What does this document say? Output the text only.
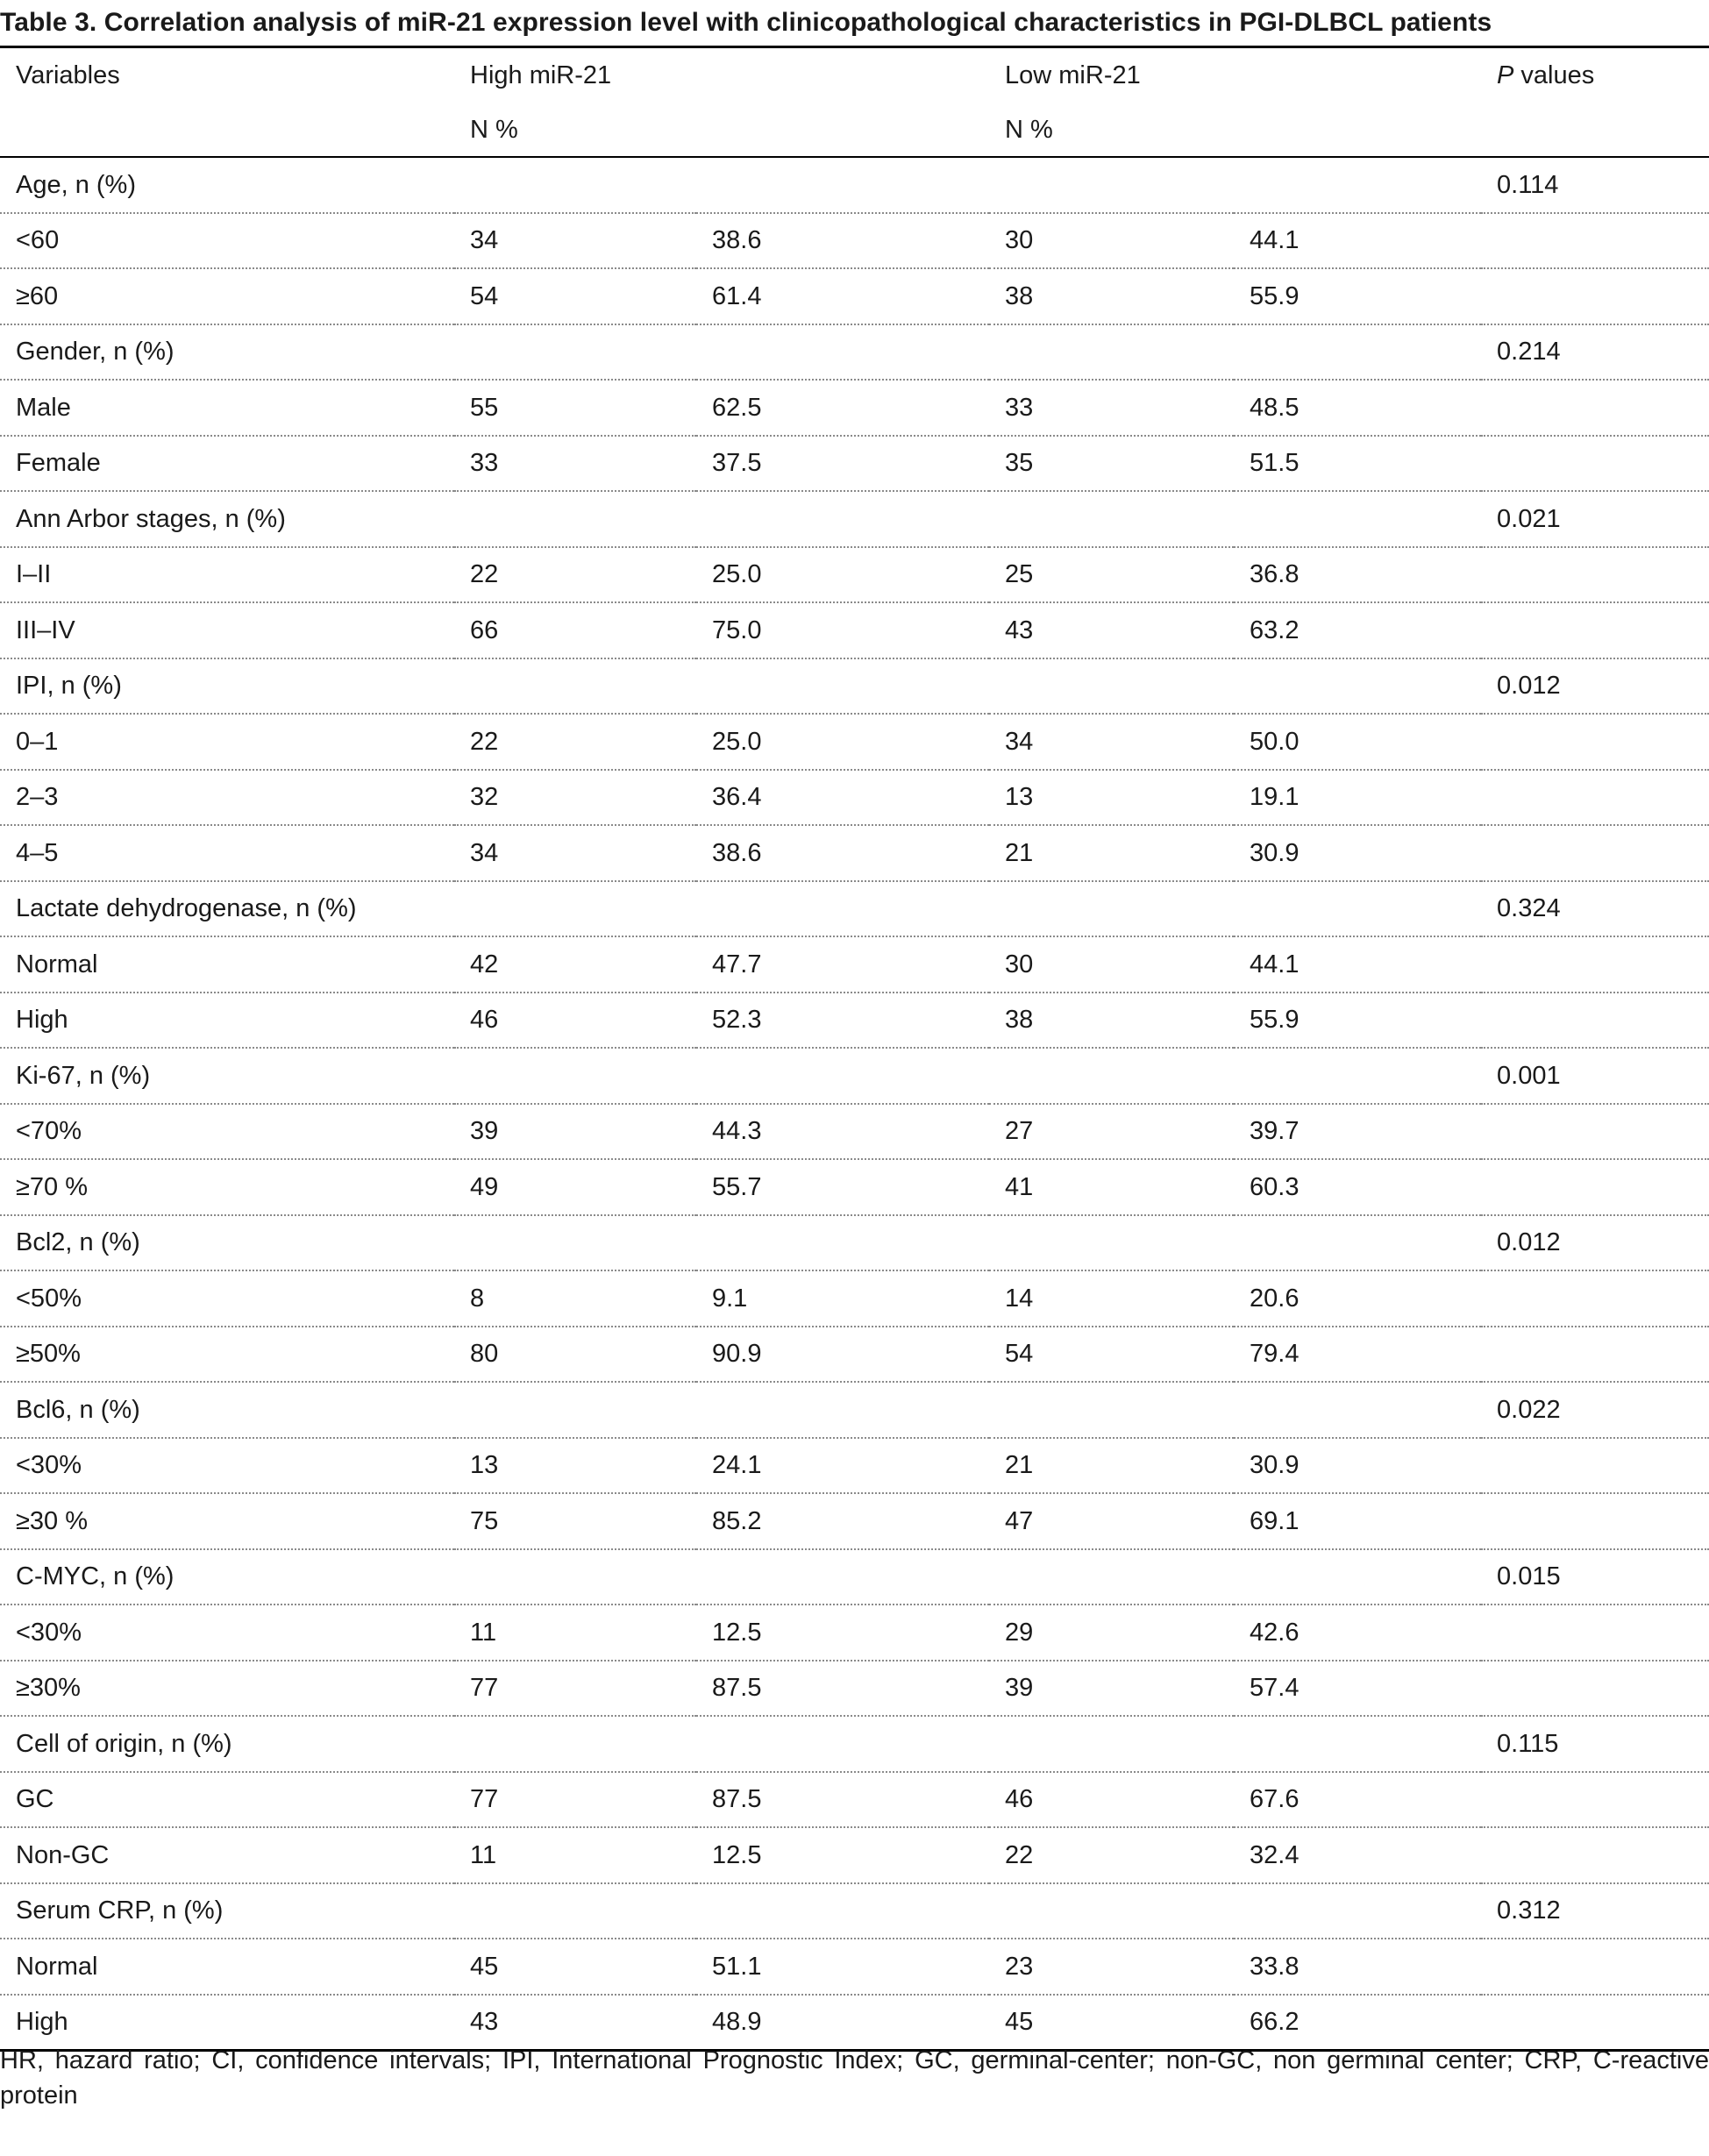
Table 3. Correlation analysis of miR-21 expression level with clinicopathological characteristics in PGI-DLBCL patients
Variables	High miR-21		Low miR-21		P values
	N %		N %		
Age, n (%)					0.114
<60	34	38.6	30	44.1	
≥60	54	61.4	38	55.9	
Gender, n (%)					0.214
Male	55	62.5	33	48.5	
Female	33	37.5	35	51.5	
Ann Arbor stages, n (%)					0.021
I–II	22	25.0	25	36.8	
III–IV	66	75.0	43	63.2	
IPI, n (%)					0.012
0–1	22	25.0	34	50.0	
2–3	32	36.4	13	19.1	
4–5	34	38.6	21	30.9	
Lactate dehydrogenase, n (%)					0.324
Normal	42	47.7	30	44.1	
High	46	52.3	38	55.9	
Ki-67, n (%)					0.001
<70%	39	44.3	27	39.7	
≥70 %	49	55.7	41	60.3	
Bcl2, n (%)					0.012
<50%	8	9.1	14	20.6	
≥50%	80	90.9	54	79.4	
Bcl6, n (%)					0.022
<30%	13	24.1	21	30.9	
≥30 %	75	85.2	47	69.1	
C-MYC, n (%)					0.015
<30%	11	12.5	29	42.6	
≥30%	77	87.5	39	57.4	
Cell of origin, n (%)					0.115
GC	77	87.5	46	67.6	
Non-GC	11	12.5	22	32.4	
Serum CRP, n (%)					0.312
Normal	45	51.1	23	33.8	
High	43	48.9	45	66.2	
HR, hazard ratio; CI, confidence intervals; IPI, International Prognostic Index; GC, germinal-center; non-GC, non germinal center; CRP, C-reactive protein
